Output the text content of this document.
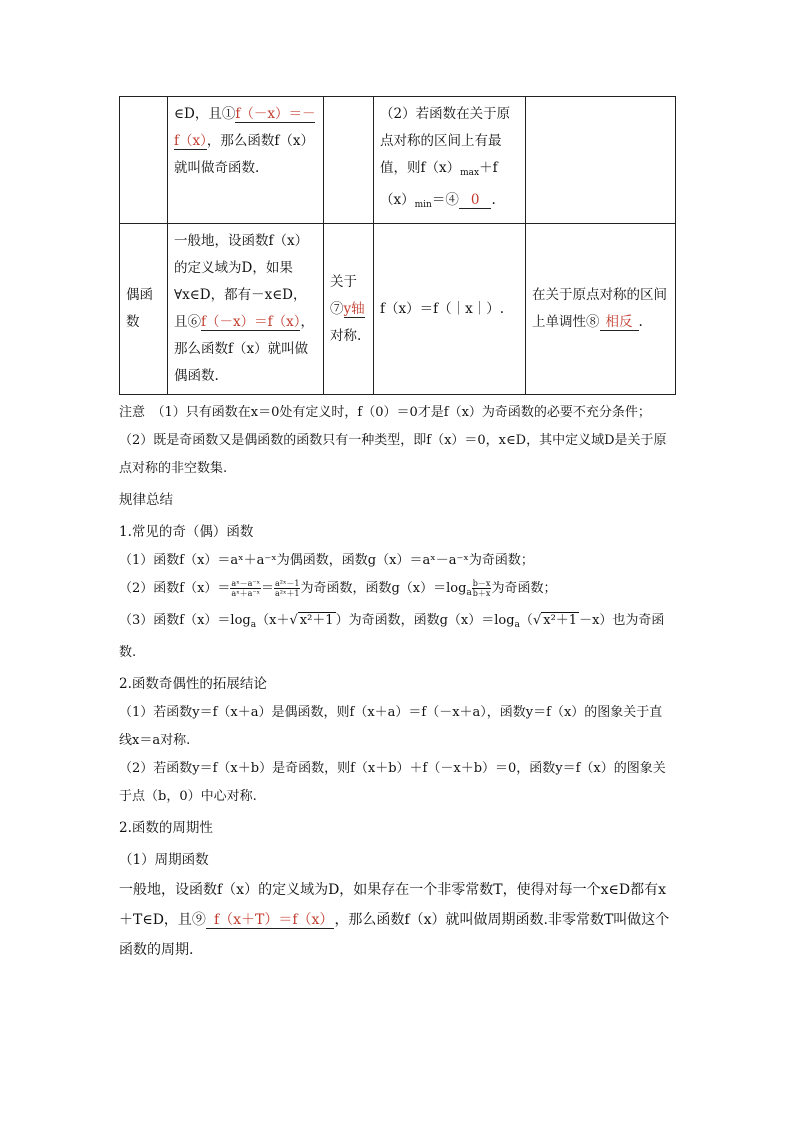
	∈D，且①f（－x）＝－f（x），那么函数f（x）就叫做奇函数.		（2）若函数在关于原点对称的区间上有最值，则$f(x)_{max}+f(x)_{min}=④$ 0 .	
偶函数	一般地，设函数f（x）的定义域为D，如果∀x∈D，都有－x∈D，且⑥f（－x）＝f（x），那么函数f（x）就叫做偶函数.	关于⑦y轴对称.	f（x）＝f（｜x｜）.	在关于原点对称的区间上单调性⑧ 相反 .

注意　 （1）只有函数在x＝0处有定义时，f（0）＝0才是f（x）为奇函数的必要不充分条件；

（2）既是奇函数又是偶函数的函数只有一种类型，即f（x）＝0，x∈D，其中定义域D是关于原点对称的非空数集.

规律总结

1.常见的奇（偶）函数

（1）函数f（x）＝aˣ＋a⁻ˣ为偶函数，函数g（x）＝aˣ－a⁻ˣ为奇函数；

（2）函数$f(x)= \frac{\text{aˣ－a⁻ˣ}}{\text{aˣ＋a⁻ˣ}} = \frac{\text{a²ˣ－1}}{\text{a²ˣ＋1}}$ 为奇函数，函数$g(x)=\log_a \frac{b-x}{b+x}$ 为奇函数；

（3）函数$f(x)=\log_a(x+√$ x²＋1 ）为奇函数，函数$g(x)=\log_a(√$ x²＋1 －x）也为奇函数.

2.函数奇偶性的拓展结论

（1）若函数y＝f（x＋a）是偶函数，则f（x＋a）＝f（－x＋a），函数y＝f（x）的图象关于直线x＝a对称.

（2）若函数y＝f（x＋b）是奇函数，则f（x＋b）＋f（－x＋b）＝0，函数y＝f（x）的图象关于点（b，0）中心对称.

2.函数的周期性

（1）周期函数

一般地，设函数f（x）的定义域为D，如果存在一个非零常数T，使得对每一个x∈D都有x＋T∈D，且⑨ f（x＋T）＝f（x） ，那么函数f（x）就叫做周期函数.非零常数T叫做这个函数的周期.
